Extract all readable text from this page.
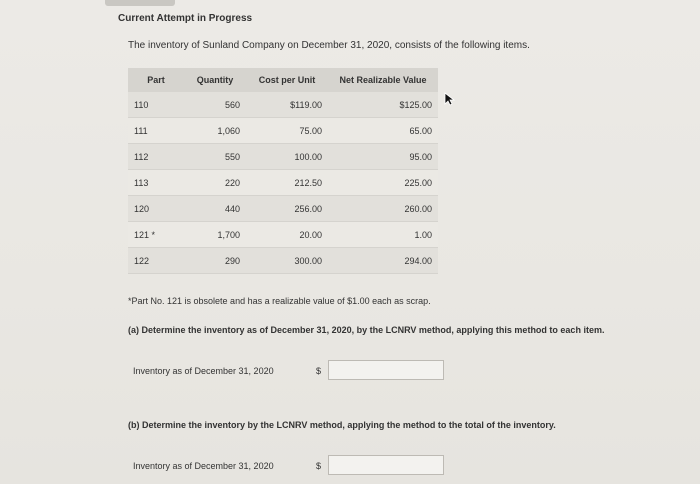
Current Attempt in Progress
The inventory of Sunland Company on December 31, 2020, consists of the following items.
Part	Quantity	Cost per Unit	Net Realizable Value
110	560	$119.00	$125.00
111	1,060	75.00	65.00
112	550	100.00	95.00
113	220	212.50	225.00
120	440	256.00	260.00
121 *	1,700	20.00	1.00
122	290	300.00	294.00
*Part No. 121 is obsolete and has a realizable value of $1.00 each as scrap.
(a) Determine the inventory as of December 31, 2020, by the LCNRV method, applying this method to each item.
Inventory as of December 31, 2020	$
(b) Determine the inventory by the LCNRV method, applying the method to the total of the inventory.
Inventory as of December 31, 2020	$
